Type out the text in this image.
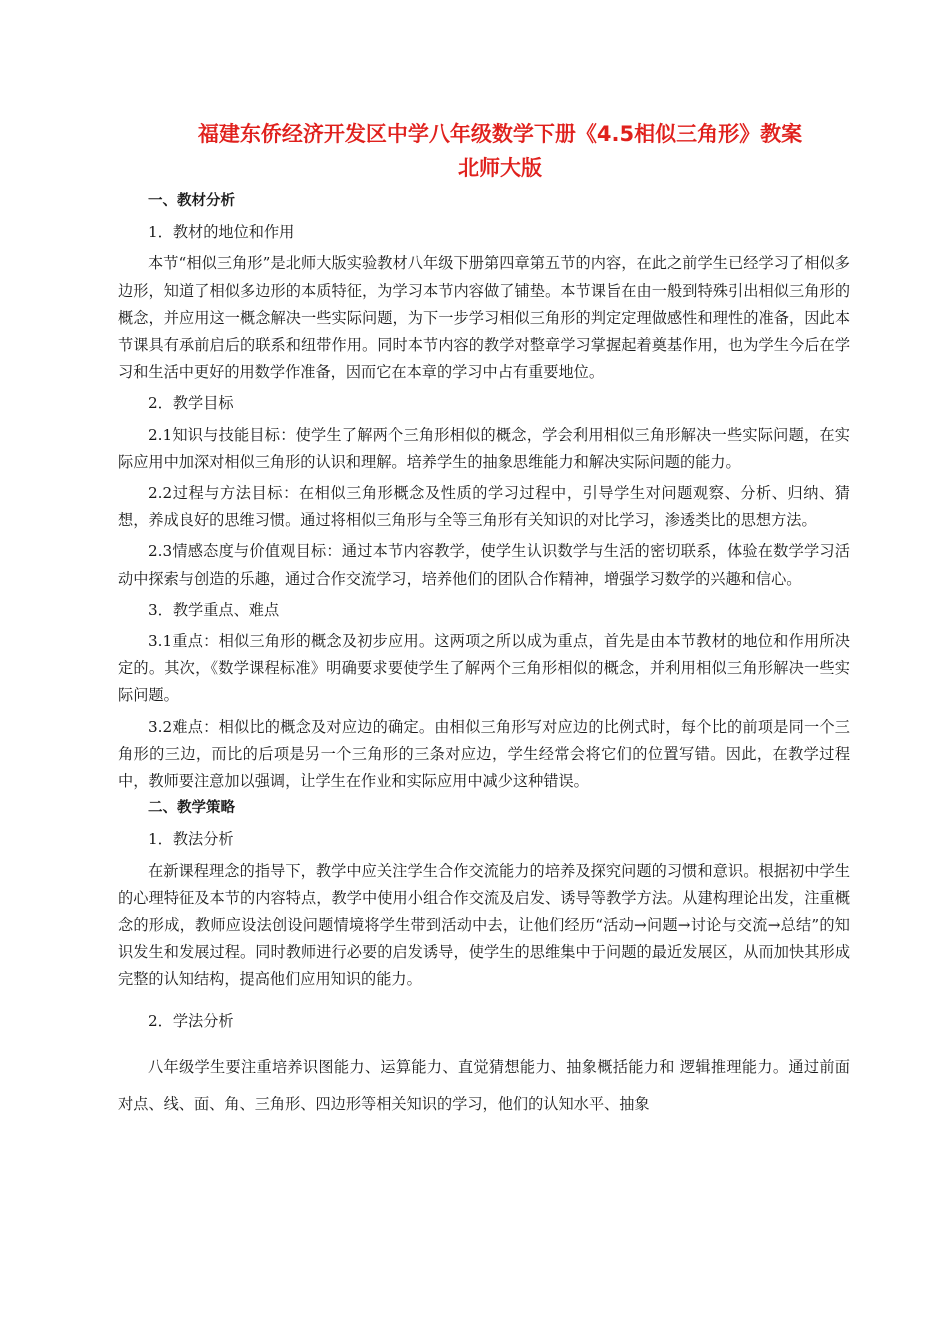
福建东侨经济开发区中学八年级数学下册《4.5相似三角形》教案
北师大版

一、教材分析

1．教材的地位和作用

本节“相似三角形”是北师大版实验教材八年级下册第四章第五节的内容，在此之前学生已经学习了相似多边形，知道了相似多边形的本质特征，为学习本节内容做了铺垫。本节课旨在由一般到特殊引出相似三角形的概念，并应用这一概念解决一些实际问题，为下一步学习相似三角形的判定定理做感性和理性的准备，因此本节课具有承前启后的联系和纽带作用。同时本节内容的教学对整章学习掌握起着奠基作用，也为学生今后在学习和生活中更好的用数学作准备，因而它在本章的学习中占有重要地位。

2．教学目标

2.1知识与技能目标：使学生了解两个三角形相似的概念，学会利用相似三角形解决一些实际问题，在实际应用中加深对相似三角形的认识和理解。培养学生的抽象思维能力和解决实际问题的能力。

2.2过程与方法目标：在相似三角形概念及性质的学习过程中，引导学生对问题观察、分析、归纳、猜想，养成良好的思维习惯。通过将相似三角形与全等三角形有关知识的对比学习，渗透类比的思想方法。

2.3情感态度与价值观目标：通过本节内容教学，使学生认识数学与生活的密切联系，体验在数学学习活动中探索与创造的乐趣，通过合作交流学习，培养他们的团队合作精神，增强学习数学的兴趣和信心。

3．教学重点、难点

3.1重点：相似三角形的概念及初步应用。这两项之所以成为重点，首先是由本节教材的地位和作用所决定的。其次，《数学课程标准》明确要求要使学生了解两个三角形相似的概念，并利用相似三角形解决一些实际问题。

3.2难点：相似比的概念及对应边的确定。由相似三角形写对应边的比例式时，每个比的前项是同一个三角形的三边，而比的后项是另一个三角形的三条对应边，学生经常会将它们的位置写错。因此，在教学过程中，教师要注意加以强调，让学生在作业和实际应用中减少这种错误。

二、教学策略

1．教法分析

在新课程理念的指导下，教学中应关注学生合作交流能力的培养及探究问题的习惯和意识。根据初中学生的心理特征及本节的内容特点，教学中使用小组合作交流及启发、诱导等教学方法。从建构理论出发，注重概念的形成，教师应设法创设问题情境将学生带到活动中去，让他们经历“活动→问题→讨论与交流→总结”的知识发生和发展过程。同时教师进行必要的启发诱导，使学生的思维集中于问题的最近发展区，从而加快其形成完整的认知结构，提高他们应用知识的能力。

2．学法分析

八年级学生要注重培养识图能力、运算能力、直觉猜想能力、抽象概括能力和 逻辑推理能力。通过前面对点、线、面、角、三角形、四边形等相关知识的学习，他们的认知水平、抽象
